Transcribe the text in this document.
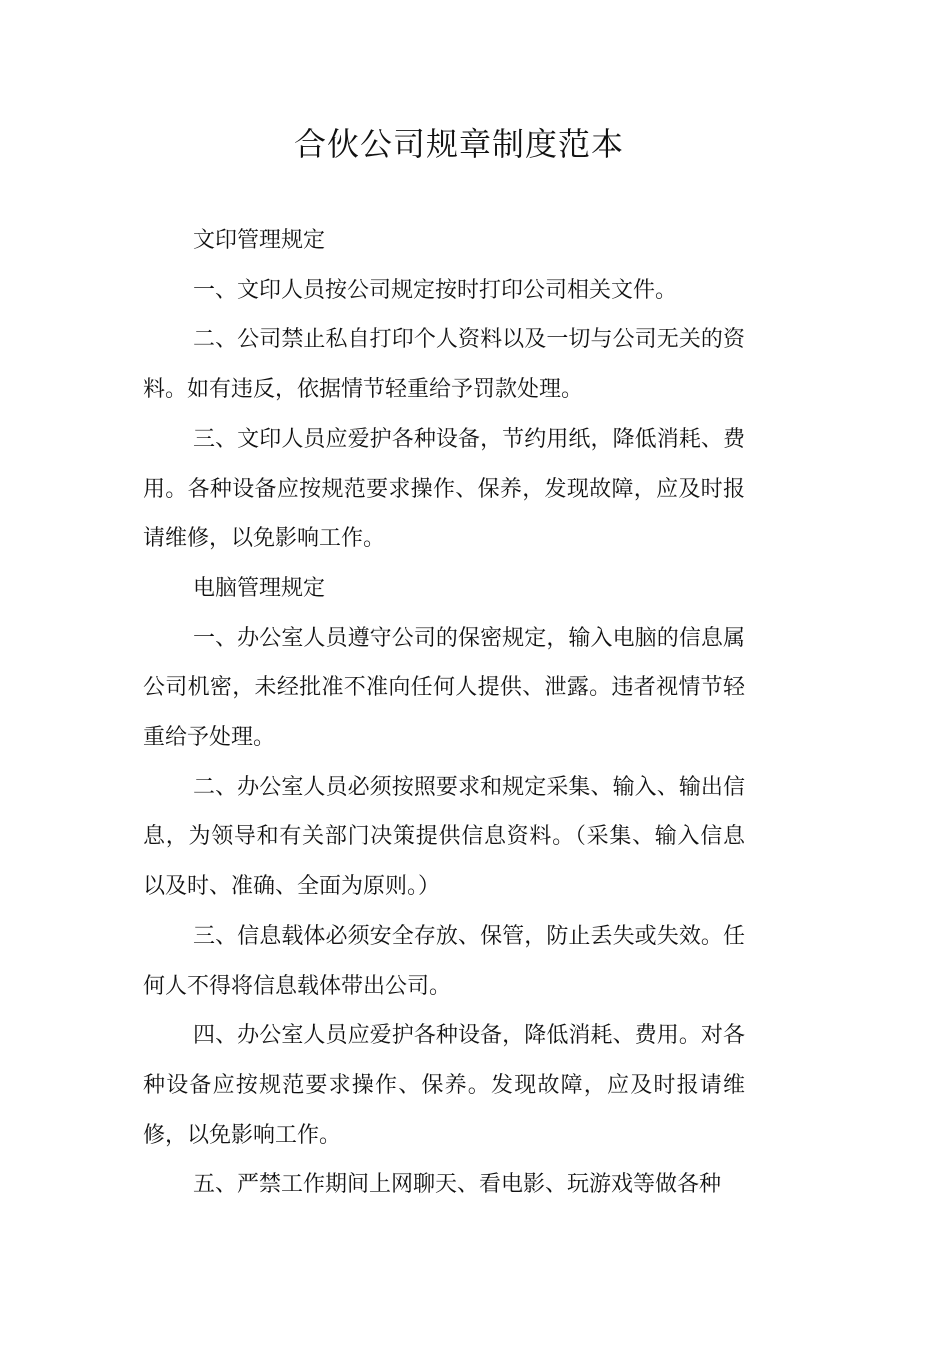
合伙公司规章制度范本

文印管理规定

一、文印人员按公司规定按时打印公司相关文件。

二、公司禁止私自打印个人资料以及一切与公司无关的资料。如有违反，依据情节轻重给予罚款处理。

三、文印人员应爱护各种设备，节约用纸，降低消耗、费用。各种设备应按规范要求操作、保养，发现故障，应及时报请维修，以免影响工作。

电脑管理规定

一、办公室人员遵守公司的保密规定，输入电脑的信息属公司机密，未经批准不准向任何人提供、泄露。违者视情节轻重给予处理。

二、办公室人员必须按照要求和规定采集、输入、输出信息，为领导和有关部门决策提供信息资料。（采集、输入信息以及时、准确、全面为原则。）

三、信息载体必须安全存放、保管，防止丢失或失效。任何人不得将信息载体带出公司。

四、办公室人员应爱护各种设备，降低消耗、费用。对各种设备应按规范要求操作、保养。发现故障，应及时报请维修，以免影响工作。

五、严禁工作期间上网聊天、看电影、玩游戏等做各种
